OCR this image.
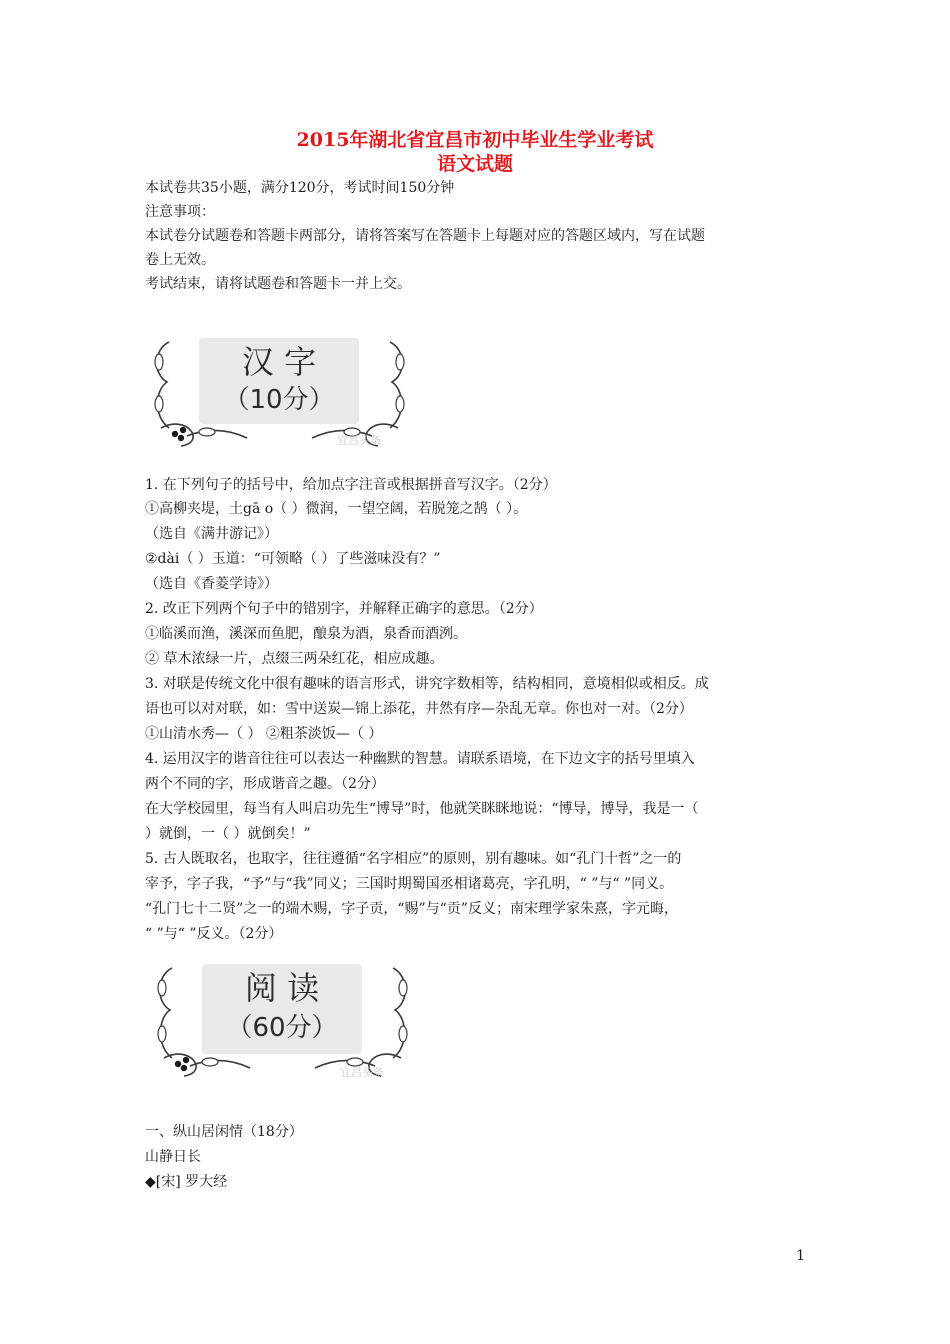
2015年湖北省宜昌市初中毕业生学业考试
语文试题
本试卷共35小题，满分120分，考试时间150分钟
注意事项：
本试卷分试题卷和答题卡两部分，请将答案写在答题卡上每题对应的答题区域内，写在试题
卷上无效。
考试结束，请将试题卷和答题卡一并上交。
汉 字
（10分）
宜昌头条
1. 在下列句子的括号中，给加点字注音或根据拼音写汉字。（2分）
①高柳夹堤，土gā o（ ）微润，一望空阔，若脱笼之鹄（ ）。
（选自《满井游记》）
②dài（ ）玉道：“可领略（ ）了些滋味没有？”
（选自《香菱学诗》）
2. 改正下列两个句子中的错别字，并解释正确字的意思。（2分）
①临溪而渔，溪深而鱼肥，酿泉为酒，泉香而酒洌。
② 草木浓绿一片，点缀三两朵红花，相应成趣。
3. 对联是传统文化中很有趣味的语言形式，讲究字数相等，结构相同，意境相似或相反。成
语也可以对对联，如：雪中送炭—锦上添花，井然有序—杂乱无章。你也对一对。（2分）
①山清水秀—（ ） ②粗茶淡饭—（ ）
4. 运用汉字的谐音往往可以表达一种幽默的智慧。请联系语境，在下边文字的括号里填入
两个不同的字，形成谐音之趣。（2分）
在大学校园里，每当有人叫启功先生“博导”时，他就笑眯眯地说：“博导，博导，我是一（
）就倒，一（ ）就倒矣！”
5. 古人既取名，也取字，往往遵循“名字相应”的原则，别有趣味。如“孔门十哲”之一的
宰予，字子我，“予”与“我”同义；三国时期蜀国丞相诸葛亮，字孔明，“ ”与“ ”同义。
“孔门七十二贤”之一的端木赐，字子贡，“赐”与“贡”反义；南宋理学家朱熹，字元晦，
“ ”与“ ”反义。（2分）
阅 读
（60分）
宜昌头条
一、纵山居闲情（18分）
山静日长
◆[宋] 罗大经
1
